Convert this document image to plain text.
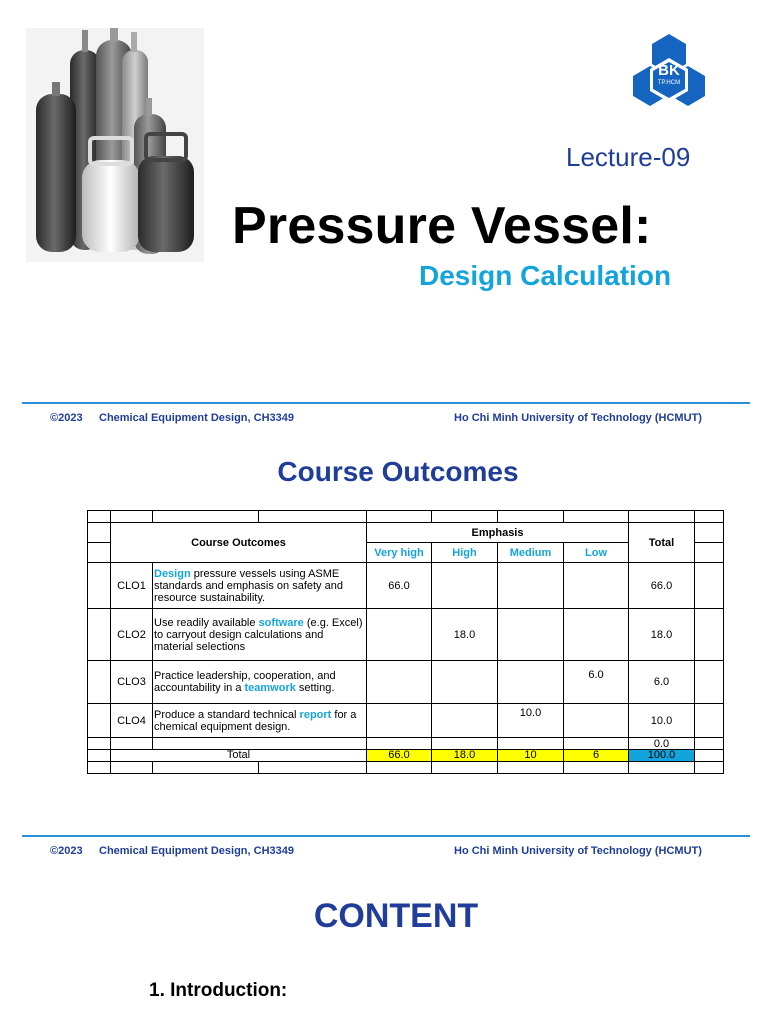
BK
TP.HCM
Lecture-09
Pressure Vessel:
Design Calculation
©2023 Chemical Equipment Design, CH3349	Ho Chi Minh University of Technology (HCMUT)
Course Outcomes

	Course Outcomes			Emphasis				Total	
				Very high	High	Medium	Low		
	CLO1	Design pressure vessels using ASME standards and emphasis on safety and resource sustainability.		66.0				66.0	
	CLO2	Use readily available software (e.g. Excel) to carryout design calculations and material selections			18.0			18.0	
	CLO3	Practice leadership, cooperation, and accountability in a teamwork setting.					6.0	6.0	
	CLO4	Produce a standard technical report for a chemical equipment design.				10.0		10.0	
								0.0	
	Total			66.0	18.0	10	6	100.0	

©2023 Chemical Equipment Design, CH3349	Ho Chi Minh University of Technology (HCMUT)
CONTENT
1. Introduction:
